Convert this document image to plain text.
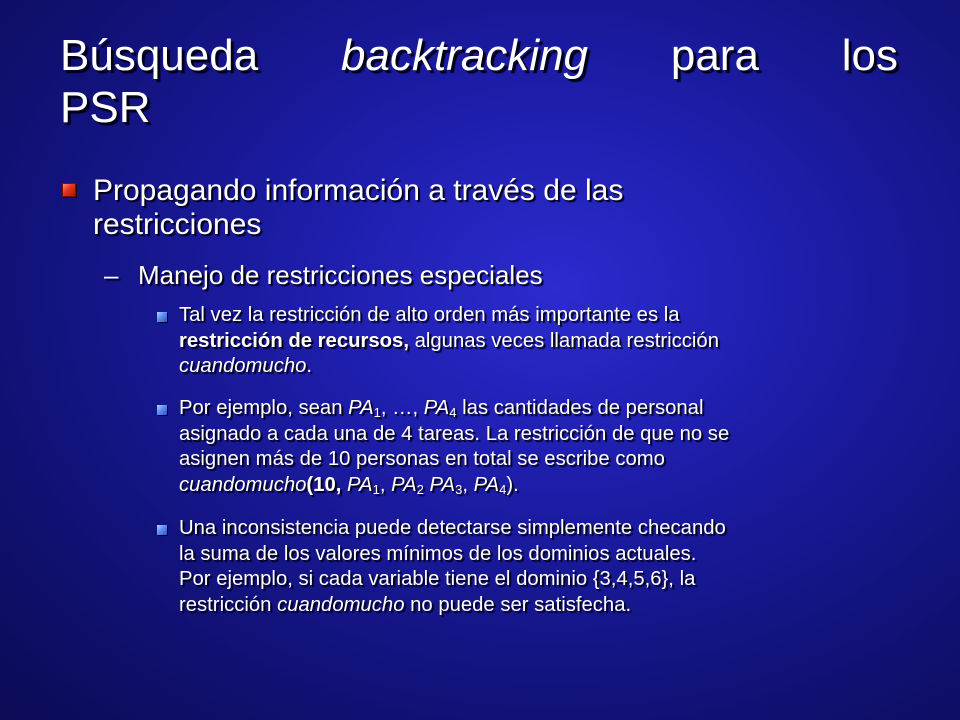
Búsqueda backtracking para los
PSR
Propagando información a través de las
restricciones
– Manejo de restricciones especiales
Tal vez la restricción de alto orden más importante es la
restricción de recursos, algunas veces llamada restricción
cuandomucho.
Por ejemplo, sean $PA_1$, …, $PA_4$ las cantidades de personal
asignado a cada una de 4 tareas. La restricción de que no se
asignen más de 10 personas en total se escribe como
cuandomucho(10, $PA_1$, $PA_2$ $PA_3$, $PA_4$).
Una inconsistencia puede detectarse simplemente checando
la suma de los valores mínimos de los dominios actuales.
Por ejemplo, si cada variable tiene el dominio {3,4,5,6}, la
restricción cuandomucho no puede ser satisfecha.
